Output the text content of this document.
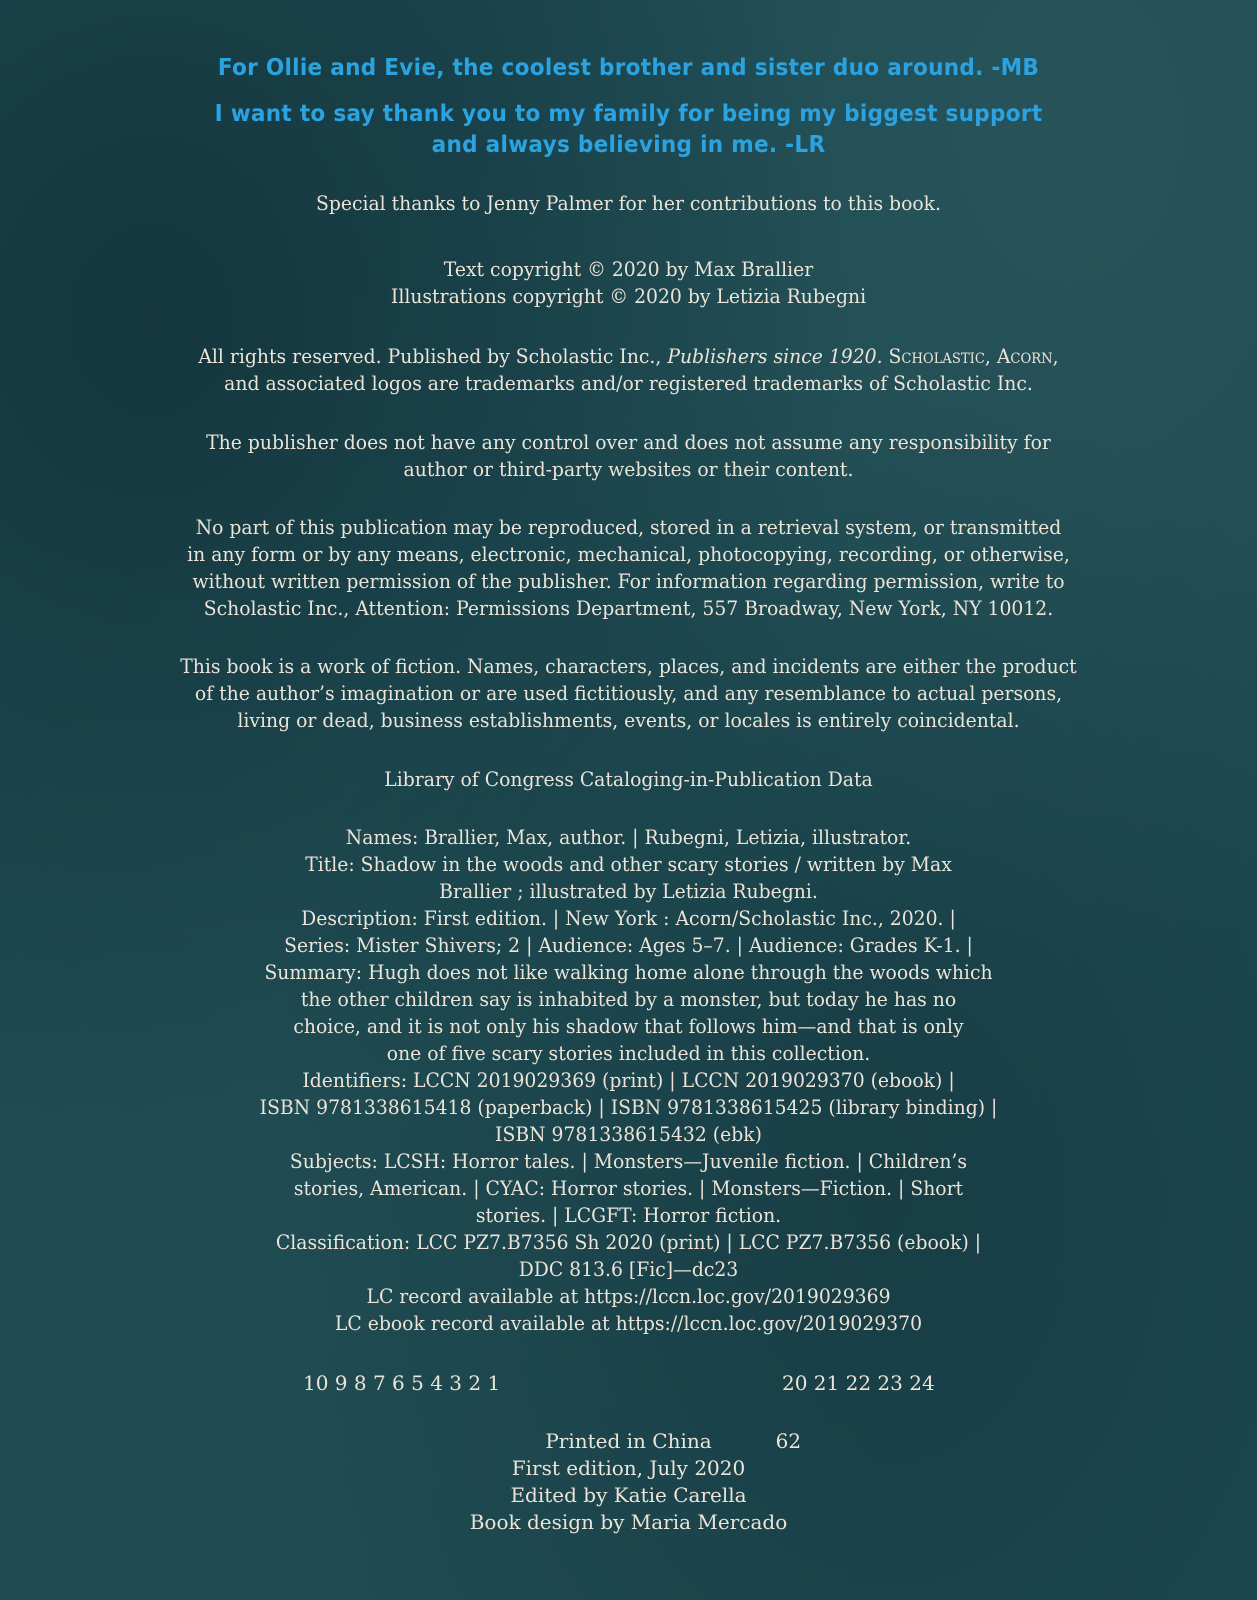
For Ollie and Evie, the coolest brother and sister duo around. -MB
I want to say thank you to my family for being my biggest support
and always believing in me. -LR
Special thanks to Jenny Palmer for her contributions to this book.
Text copyright © 2020 by Max Brallier
Illustrations copyright © 2020 by Letizia Rubegni
All rights reserved. Published by Scholastic Inc., Publishers since 1920. Scholastic, Acorn,
and associated logos are trademarks and/or registered trademarks of Scholastic Inc.
The publisher does not have any control over and does not assume any responsibility for
author or third-party websites or their content.
No part of this publication may be reproduced, stored in a retrieval system, or transmitted
in any form or by any means, electronic, mechanical, photocopying, recording, or otherwise,
without written permission of the publisher. For information regarding permission, write to
Scholastic Inc., Attention: Permissions Department, 557 Broadway, New York, NY 10012.
This book is a work of fiction. Names, characters, places, and incidents are either the product
of the author’s imagination or are used fictitiously, and any resemblance to actual persons,
living or dead, business establishments, events, or locales is entirely coincidental.
Library of Congress Cataloging-in-Publication Data
Names: Brallier, Max, author. | Rubegni, Letizia, illustrator.
Title: Shadow in the woods and other scary stories / written by Max
Brallier ; illustrated by Letizia Rubegni.
Description: First edition. | New York : Acorn/Scholastic Inc., 2020. |
Series: Mister Shivers; 2 | Audience: Ages 5–7. | Audience: Grades K-1. |
Summary: Hugh does not like walking home alone through the woods which
the other children say is inhabited by a monster, but today he has no
choice, and it is not only his shadow that follows him—and that is only
one of five scary stories included in this collection.
Identifiers: LCCN 2019029369 (print) | LCCN 2019029370 (ebook) |
ISBN 9781338615418 (paperback) | ISBN 9781338615425 (library binding) |
ISBN 9781338615432 (ebk)
Subjects: LCSH: Horror tales. | Monsters—Juvenile fiction. | Children’s
stories, American. | CYAC: Horror stories. | Monsters—Fiction. | Short
stories. | LCGFT: Horror fiction.
Classification: LCC PZ7.B7356 Sh 2020 (print) | LCC PZ7.B7356 (ebook) |
DDC 813.6 [Fic]—dc23
LC record available at https://lccn.loc.gov/2019029369
LC ebook record available at https://lccn.loc.gov/2019029370
10 9 8 7 6 5 4 3 2 1	20 21 22 23 24
Printed in China	62
First edition, July 2020
Edited by Katie Carella
Book design by Maria Mercado
